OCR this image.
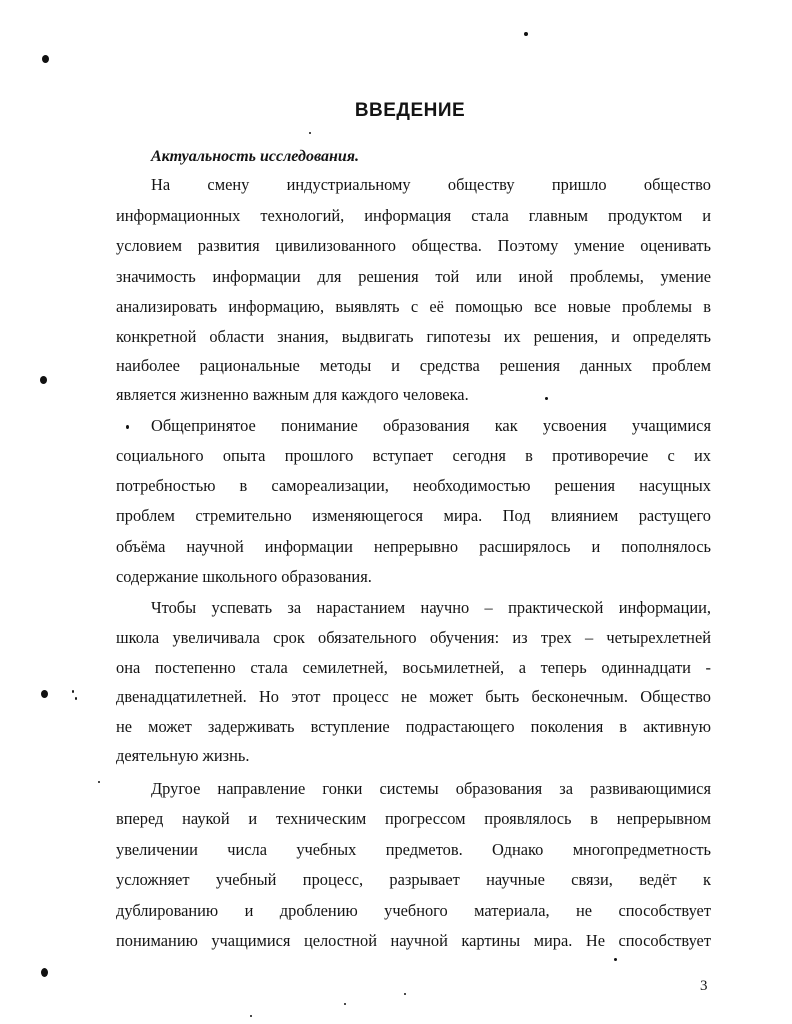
ВВЕДЕНИЕ
Актуальность исследования.
На смену индустриальному обществу пришло общество
информационных технологий, информация стала главным продуктом и
условием развития цивилизованного общества. Поэтому умение оценивать
значимость информации для решения той или иной проблемы, умение
анализировать информацию, выявлять с её помощью все новые проблемы в
конкретной области знания, выдвигать гипотезы их решения, и определять
наиболее рациональные методы и средства решения данных проблем
является жизненно важным для каждого человека.
Общепринятое понимание образования как усвоения учащимися
социального опыта прошлого вступает сегодня в противоречие с их
потребностью в самореализации, необходимостью решения насущных
проблем стремительно изменяющегося мира. Под влиянием растущего
объёма научной информации непрерывно расширялось и пополнялось
содержание школьного образования.
Чтобы успевать за нарастанием научно – практической информации,
школа увеличивала срок обязательного обучения: из трех – четырехлетней
она постепенно стала семилетней, восьмилетней, а теперь одиннадцати -
двенадцатилетней. Но этот процесс не может быть бесконечным. Общество
не может задерживать вступление подрастающего поколения в активную
деятельную жизнь.
Другое направление гонки системы образования за развивающимися
вперед наукой и техническим прогрессом проявлялось в непрерывном
увеличении числа учебных предметов. Однако многопредметность
усложняет учебный процесс, разрывает научные связи, ведёт к
дублированию и дроблению учебного материала, не способствует
пониманию учащимися целостной научной картины мира. Не способствует
3
